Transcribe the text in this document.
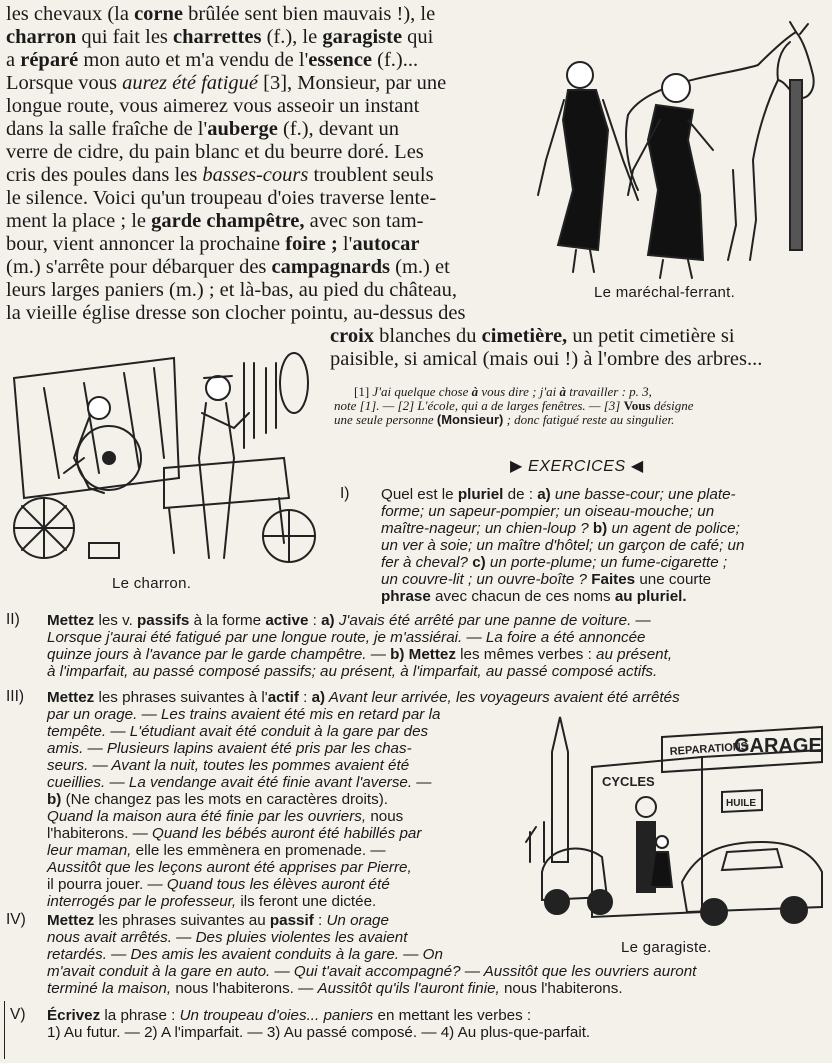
les chevaux (la corne brûlée sent bien mauvais !), le
charron qui fait les charrettes (f.), le garagiste qui
a réparé mon auto et m'a vendu de l'essence (f.)...
Lorsque vous aurez été fatigué [3], Monsieur, par une
longue route, vous aimerez vous asseoir un instant
dans la salle fraîche de l'auberge (f.), devant un
verre de cidre, du pain blanc et du beurre doré. Les
cris des poules dans les basses-cours troublent seuls
le silence. Voici qu'un troupeau d'oies traverse lente-
ment la place ; le garde champêtre, avec son tam-
bour, vient annoncer la prochaine foire ; l'autocar
(m.) s'arrête pour débarquer des campagnards (m.) et
leurs larges paniers (m.) ; et là-bas, au pied du château,
la vieille église dresse son clocher pointu, au-dessus des
croix blanches du cimetière, un petit cimetière si
paisible, si amical (mais oui !) à l'ombre des arbres...
Le maréchal-ferrant.
Le charron.
[1] J'ai quelque chose à vous dire ; j'ai à travailler : p. 3,
note [1]. — [2] L'école, qui a de larges fenêtres. — [3] Vous désigne
une seule personne (Monsieur) ; donc fatigué reste au singulier.
▶ EXERCICES ◀
I) Quel est le pluriel de : a) une basse-cour; une plate-
forme; un sapeur-pompier; un oiseau-mouche; un
maître-nageur; un chien-loup ? b) un agent de police;
un ver à soie; un maître d'hôtel; un garçon de café; un
fer à cheval? c) un porte-plume; un fume-cigarette ;
un couvre-lit ; un ouvre-boîte ? Faites une courte
phrase avec chacun de ces noms au pluriel.
II) Mettez les v. passifs à la forme active : a) J'avais été arrêté par une panne de voiture. —
Lorsque j'aurai été fatigué par une longue route, je m'assiérai. — La foire a été annoncée
quinze jours à l'avance par le garde champêtre. — b) Mettez les mêmes verbes : au présent,
à l'imparfait, au passé composé passifs; au présent, à l'imparfait, au passé composé actifs.
III) Mettez les phrases suivantes à l'actif : a) Avant leur arrivée, les voyageurs avaient été arrêtés
par un orage. — Les trains avaient été mis en retard par la
tempête. — L'étudiant avait été conduit à la gare par des
amis. — Plusieurs lapins avaient été pris par les chas-
seurs. — Avant la nuit, toutes les pommes avaient été
cueillies. — La vendange avait été finie avant l'averse. —
b) (Ne changez pas les mots en caractères droits).
Quand la maison aura été finie par les ouvriers, nous
l'habiterons. — Quand les bébés auront été habillés par
leur maman, elle les emmènera en promenade. —
Aussitôt que les leçons auront été apprises par Pierre,
il pourra jouer. — Quand tous les élèves auront été
interrogés par le professeur, ils feront une dictée.
REPARATIONS
GARAGE
CYCLES
HUILE
Le garagiste.
IV) Mettez les phrases suivantes au passif : Un orage
nous avait arrêtés. — Des pluies violentes les avaient
retardés. — Des amis les avaient conduits à la gare. — On
m'avait conduit à la gare en auto. — Qui t'avait accompagné? — Aussitôt que les ouvriers auront
terminé la maison, nous l'habiterons. — Aussitôt qu'ils l'auront finie, nous l'habiterons.
V) Écrivez la phrase : Un troupeau d'oies... paniers en mettant les verbes :
1) Au futur. — 2) A l'imparfait. — 3) Au passé composé. — 4) Au plus-que-parfait.
